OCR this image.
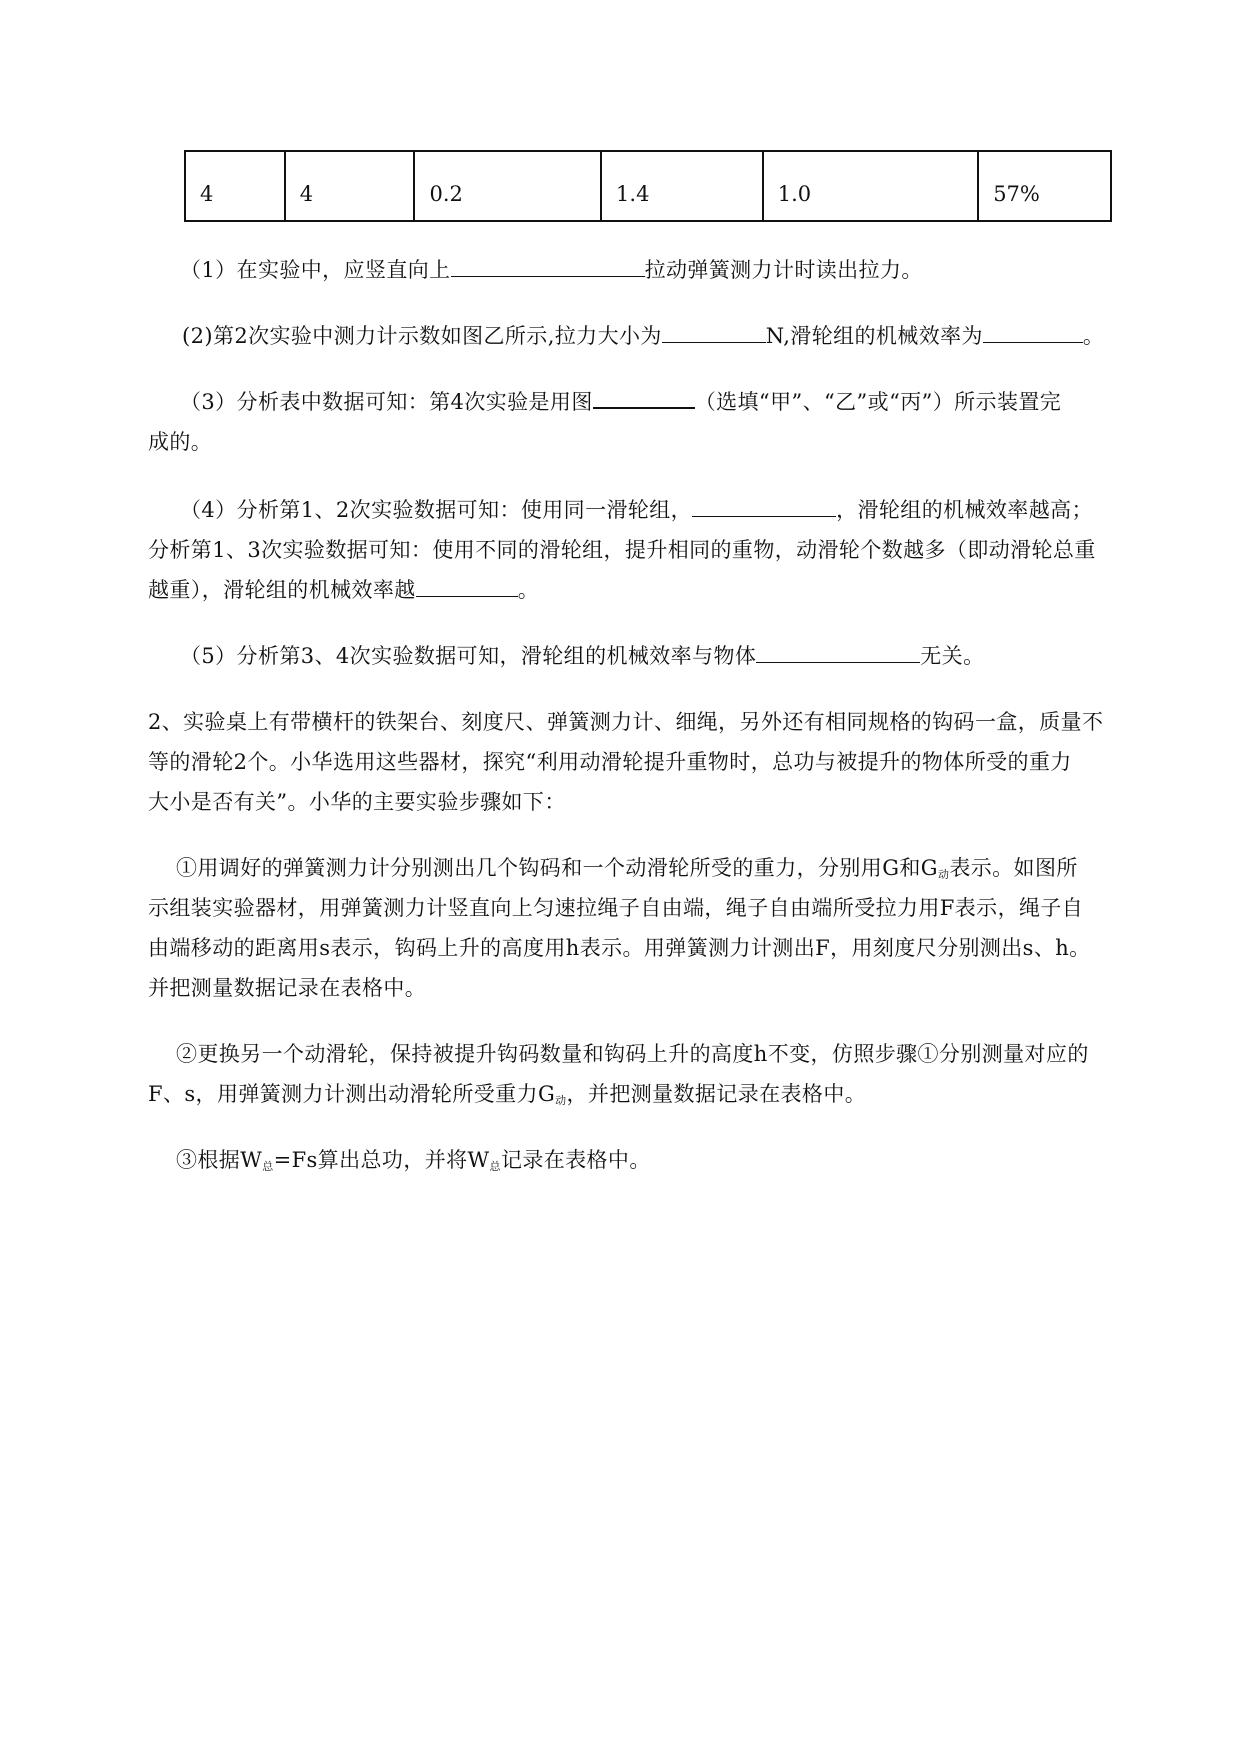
4	4	0.2	1.4	1.0	57%
（1）在实验中，应竖直向上	拉动弹簧测力计时读出拉力。
(2)第2次实验中测力计示数如图乙所示,拉力大小为	N,滑轮组的机械效率为	。
（3）分析表中数据可知：第4次实验是用图	（选填“甲”、“乙”或“丙”）所示装置完
成的。
（4）分析第1、2次实验数据可知：使用同一滑轮组，	，滑轮组的机械效率越高；
分析第1、3次实验数据可知：使用不同的滑轮组，提升相同的重物，动滑轮个数越多（即动滑轮总重
越重），滑轮组的机械效率越	。
（5）分析第3、4次实验数据可知，滑轮组的机械效率与物体	无关。
2、实验桌上有带横杆的铁架台、刻度尺、弹簧测力计、细绳，另外还有相同规格的钩码一盒，质量不
等的滑轮2个。小华选用这些器材，探究“利用动滑轮提升重物时，总功与被提升的物体所受的重力
大小是否有关”。小华的主要实验步骤如下：
①用调好的弹簧测力计分别测出几个钩码和一个动滑轮所受的重力，分别用G和$G_动$表示。如图所
示组装实验器材，用弹簧测力计竖直向上匀速拉绳子自由端，绳子自由端所受拉力用F表示，绳子自
由端移动的距离用s表示，钩码上升的高度用h表示。用弹簧测力计测出F，用刻度尺分别测出s、h。
并把测量数据记录在表格中。
②更换另一个动滑轮，保持被提升钩码数量和钩码上升的高度h不变，仿照步骤①分别测量对应的
F、s，用弹簧测力计测出动滑轮所受重力$G_动$，并把测量数据记录在表格中。
③根据$W_总=Fs$算出总功，并将$W_总$记录在表格中。
